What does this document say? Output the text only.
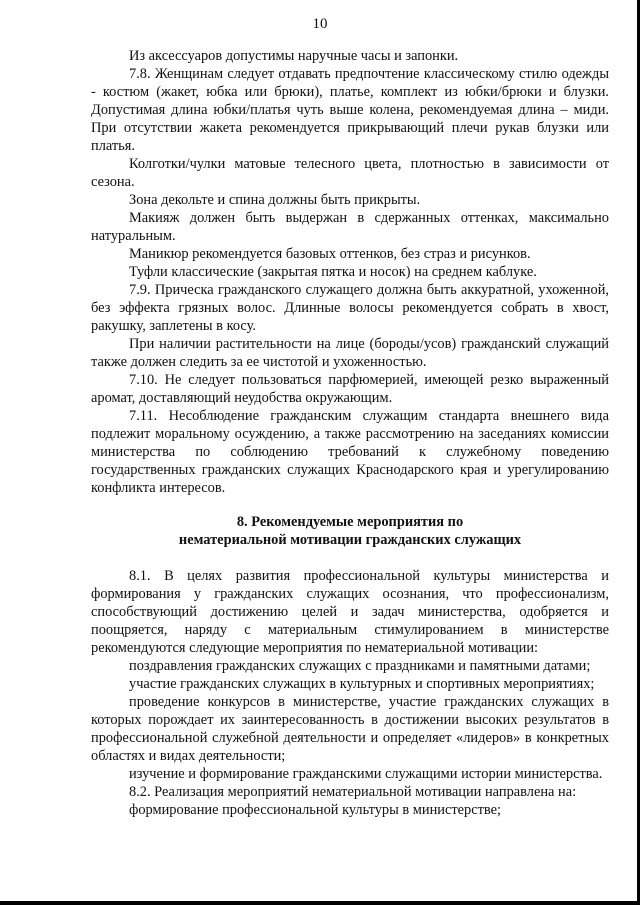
10

Из аксессуаров допустимы наручные часы и запонки.

7.8. Женщинам следует отдавать предпочтение классическому стилю одежды - костюм (жакет, юбка или брюки), платье, комплект из юбки/брюки и блузки. Допустимая длина юбки/платья чуть выше колена, рекомендуемая длина – миди. При отсутствии жакета рекомендуется прикрывающий плечи рукав блузки или платья.

Колготки/чулки матовые телесного цвета, плотностью в зависимости от сезона.

Зона декольте и спина должны быть прикрыты.

Макияж должен быть выдержан в сдержанных оттенках, максимально натуральным.

Маникюр рекомендуется базовых оттенков, без страз и рисунков.

Туфли классические (закрытая пятка и носок) на среднем каблуке.

7.9. Прическа гражданского служащего должна быть аккуратной, ухоженной, без эффекта грязных волос. Длинные волосы рекомендуется собрать в хвост, ракушку, заплетены в косу.

При наличии растительности на лице (бороды/усов) гражданский служащий также должен следить за ее чистотой и ухоженностью.

7.10. Не следует пользоваться парфюмерией, имеющей резко выраженный аромат, доставляющий неудобства окружающим.

7.11. Несоблюдение гражданским служащим стандарта внешнего вида подлежит моральному осуждению, а также рассмотрению на заседаниях комиссии министерства по соблюдению требований к служебному поведению государственных гражданских служащих Краснодарского края и урегулированию конфликта интересов.

8. Рекомендуемые мероприятия по
нематериальной мотивации гражданских служащих

8.1. В целях развития профессиональной культуры министерства и формирования у гражданских служащих осознания, что профессионализм, способствующий достижению целей и задач министерства, одобряется и поощряется, наряду с материальным стимулированием в министерстве рекомендуются следующие мероприятия по нематериальной мотивации:

поздравления гражданских служащих с праздниками и памятными датами;

участие гражданских служащих в культурных и спортивных мероприятиях;

проведение конкурсов в министерстве, участие гражданских служащих в которых порождает их заинтересованность в достижении высоких результатов в профессиональной служебной деятельности и определяет «лидеров» в конкретных областях и видах деятельности;

изучение и формирование гражданскими служащими истории министерства.

8.2. Реализация мероприятий нематериальной мотивации направлена на:

формирование профессиональной культуры в министерстве;
